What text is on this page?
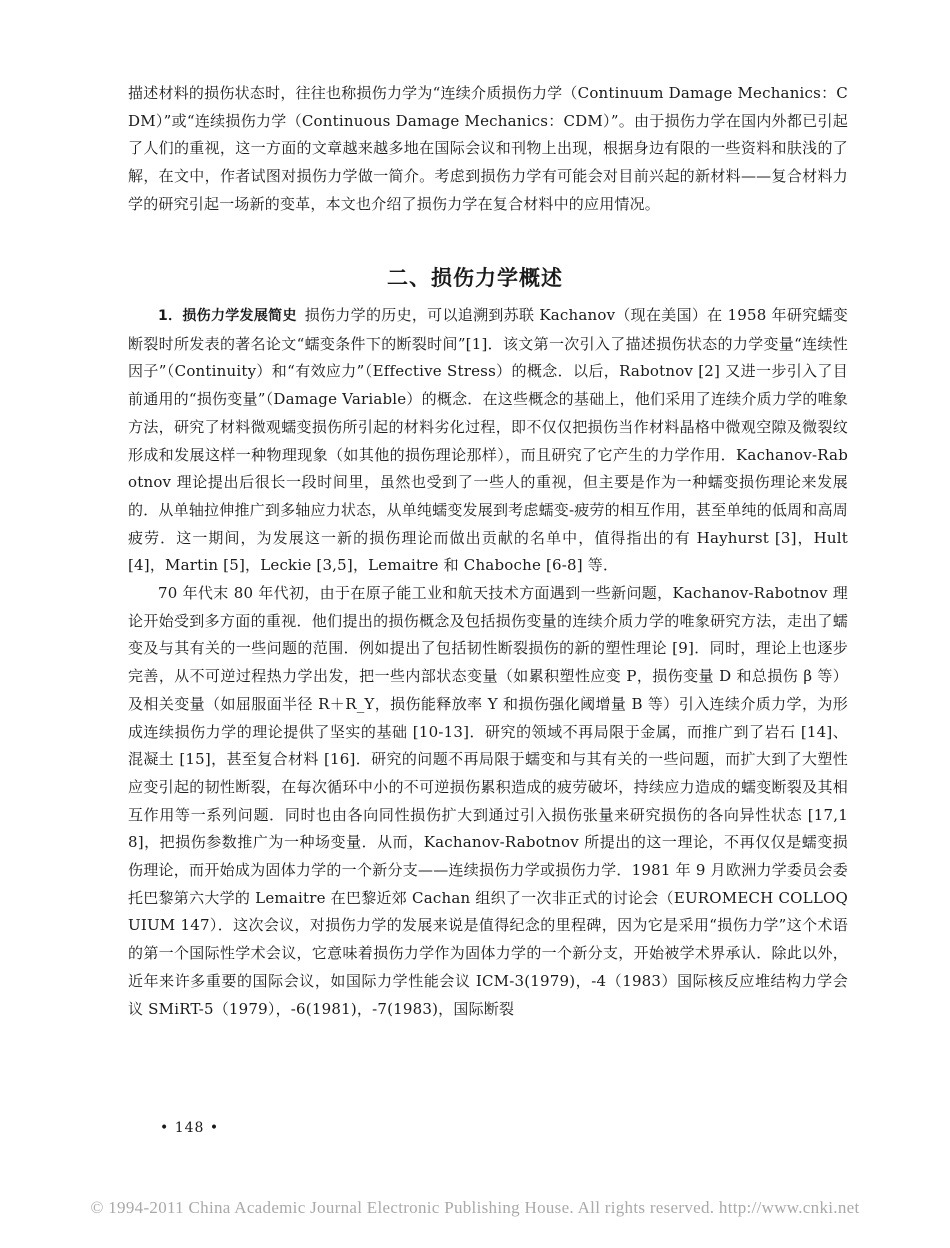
描述材料的损伤状态时，往往也称损伤力学为“连续介质损伤力学（Continuum Damage Mechanics：CDM）”或“连续损伤力学（Continuous Damage Mechanics：CDM）”。由于损伤力学在国内外都已引起了人们的重视，这一方面的文章越来越多地在国际会议和刊物上出现，根据身边有限的一些资料和肤浅的了解，在文中，作者试图对损伤力学做一简介。考虑到损伤力学有可能会对目前兴起的新材料——复合材料力学的研究引起一场新的变革，本文也介绍了损伤力学在复合材料中的应用情况。

二、损伤力学概述

1．损伤力学发展简史 损伤力学的历史，可以追溯到苏联 Kachanov（现在美国）在 1958 年研究蠕变断裂时所发表的著名论文“蠕变条件下的断裂时间”[1]．该文第一次引入了描述损伤状态的力学变量“连续性因子”（Continuity）和“有效应力”（Effective Stress）的概念．以后，Rabotnov [2] 又进一步引入了目前通用的“损伤变量”（Damage Variable）的概念．在这些概念的基础上，他们采用了连续介质力学的唯象方法，研究了材料微观蠕变损伤所引起的材料劣化过程，即不仅仅把损伤当作材料晶格中微观空隙及微裂纹形成和发展这样一种物理现象（如其他的损伤理论那样），而且研究了它产生的力学作用．Kachanov-Rabotnov 理论提出后很长一段时间里，虽然也受到了一些人的重视，但主要是作为一种蠕变损伤理论来发展的．从单轴拉伸推广到多轴应力状态，从单纯蠕变发展到考虑蠕变-疲劳的相互作用，甚至单纯的低周和高周疲劳．这一期间，为发展这一新的损伤理论而做出贡献的名单中，值得指出的有 Hayhurst [3]，Hult [4]，Martin [5]，Leckie [3,5]，Lemaitre 和 Chaboche [6-8] 等．

70 年代末 80 年代初，由于在原子能工业和航天技术方面遇到一些新问题，Kachanov-Rabotnov 理论开始受到多方面的重视．他们提出的损伤概念及包括损伤变量的连续介质力学的唯象研究方法，走出了蠕变及与其有关的一些问题的范围．例如提出了包括韧性断裂损伤的新的塑性理论 [9]．同时，理论上也逐步完善，从不可逆过程热力学出发，把一些内部状态变量（如累积塑性应变 P，损伤变量 D 和总损伤 β 等）及相关变量（如屈服面半径 R＋R_Y，损伤能释放率 Y 和损伤强化阈增量 B 等）引入连续介质力学，为形成连续损伤力学的理论提供了坚实的基础 [10-13]．研究的领域不再局限于金属，而推广到了岩石 [14]、混凝土 [15]，甚至复合材料 [16]．研究的问题不再局限于蠕变和与其有关的一些问题，而扩大到了大塑性应变引起的韧性断裂，在每次循环中小的不可逆损伤累积造成的疲劳破坏，持续应力造成的蠕变断裂及其相互作用等一系列问题．同时也由各向同性损伤扩大到通过引入损伤张量来研究损伤的各向异性状态 [17,18]，把损伤参数推广为一种场变量．从而，Kachanov-Rabotnov 所提出的这一理论，不再仅仅是蠕变损伤理论，而开始成为固体力学的一个新分支——连续损伤力学或损伤力学．1981 年 9 月欧洲力学委员会委托巴黎第六大学的 Lemaitre 在巴黎近郊 Cachan 组织了一次非正式的讨论会（EUROMECH COLLOQUIUM 147）．这次会议，对损伤力学的发展来说是值得纪念的里程碑，因为它是采用“损伤力学”这个术语的第一个国际性学术会议，它意味着损伤力学作为固体力学的一个新分支，开始被学术界承认．除此以外，近年来许多重要的国际会议，如国际力学性能会议 ICM-3(1979)，-4（1983）国际核反应堆结构力学会议 SMiRT-5（1979），-6(1981)，-7(1983)，国际断裂

• 148 •
© 1994-2011 China Academic Journal Electronic Publishing House. All rights reserved. http://www.cnki.net
